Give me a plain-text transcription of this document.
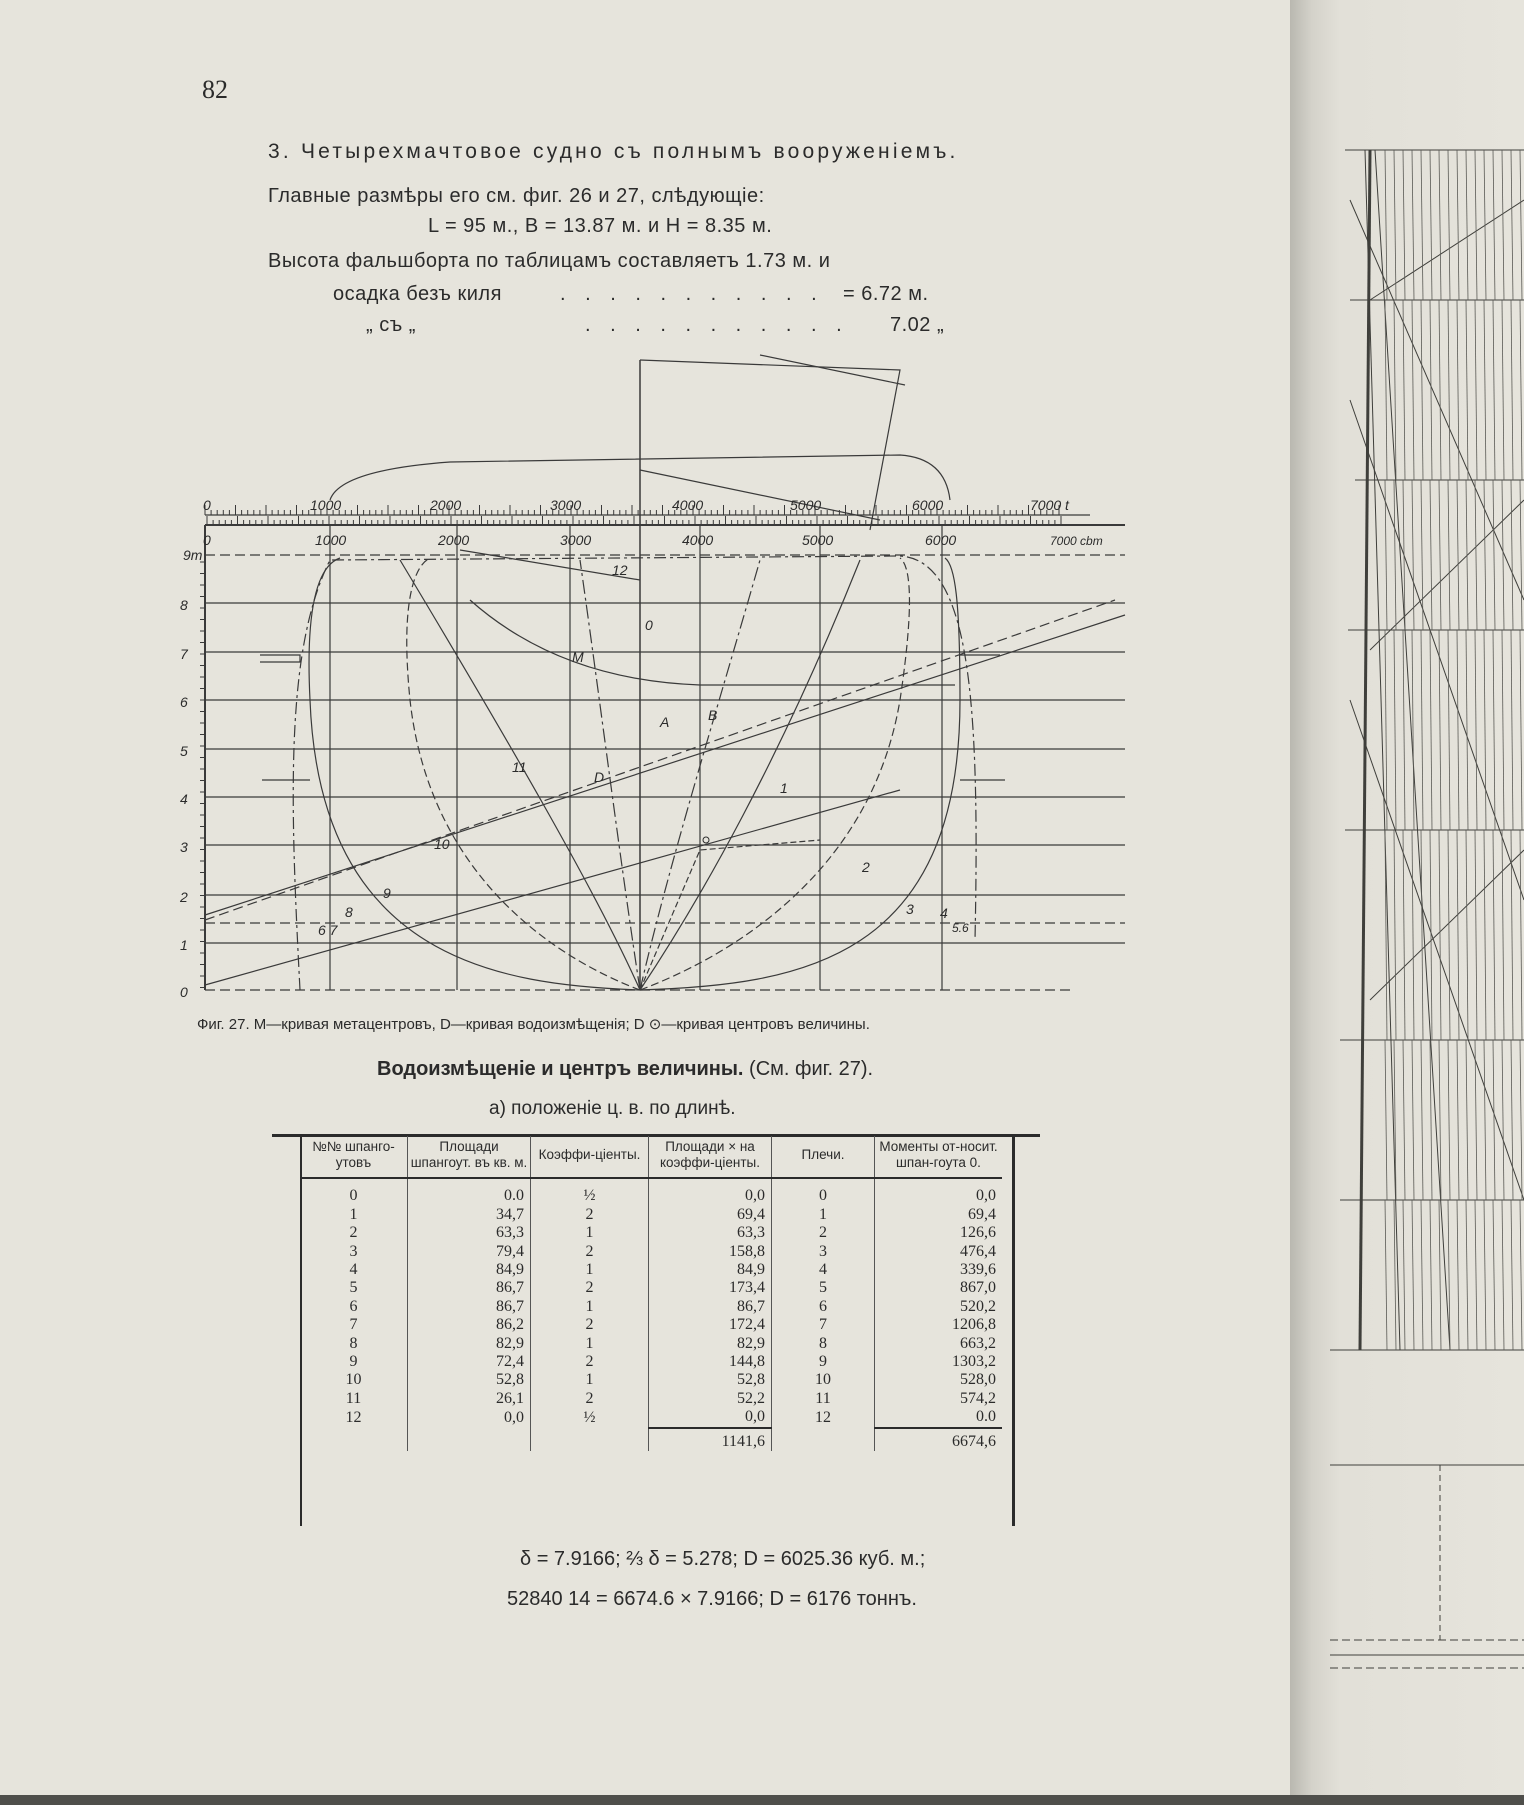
82
3. Четырехмачтовое судно съ полнымъ вооруженіемъ.
Главные размѣры его см. фиг. 26 и 27, слѣдующіе:
L = 95 м., B = 13.87 м. и H = 8.35 м.
Высота фальшборта по таблицамъ составляетъ 1.73 м. и
осадка безъ киля	. . . . . . . . . . . = 6.72 м.
„ съ „	. . . . . . . . . . . 7.02 „
0	1000	2000	3000	4000	5000	6000	7000 t
0	1000	2000	3000	4000	5000	6000	7000 cbm
0
1
2
3
4
5
6
7
8
9m
12
0
M
A	B
D
11
1
10
2
9
3
8	4
6 7	5.6
Фиг. 27. M—кривая метацентровъ, D—кривая водоизмѣщенія; D ⊙—кривая центровъ величины.
Водоизмѣщеніе и центръ величины. (См. фиг. 27).
а) положеніе ц. в. по длинѣ.
№№ шпанго-утовъ	Площади шпангоут. въ кв. м.	Коэффи-ціенты.	Площади × на коэффи-ціенты.	Плечи.	Моменты от-носит. шпан-гоута 0.
0	0.0	½	0,0	0	0,0
1	34,7	2	69,4	1	69,4
2	63,3	1	63,3	2	126,6
3	79,4	2	158,8	3	476,4
4	84,9	1	84,9	4	339,6
5	86,7	2	173,4	5	867,0
6	86,7	1	86,7	6	520,2
7	86,2	2	172,4	7	1206,8
8	82,9	1	82,9	8	663,2
9	72,4	2	144,8	9	1303,2
10	52,8	1	52,8	10	528,0
11	26,1	2	52,2	11	574,2
12	0,0	½	0,0	12	0.0
			1141,6		6674,6
δ = 7.9166; ⅔ δ = 5.278; D = 6025.36 куб. м.;
52840 14 = 6674.6 × 7.9166; D = 6176 тоннъ.
